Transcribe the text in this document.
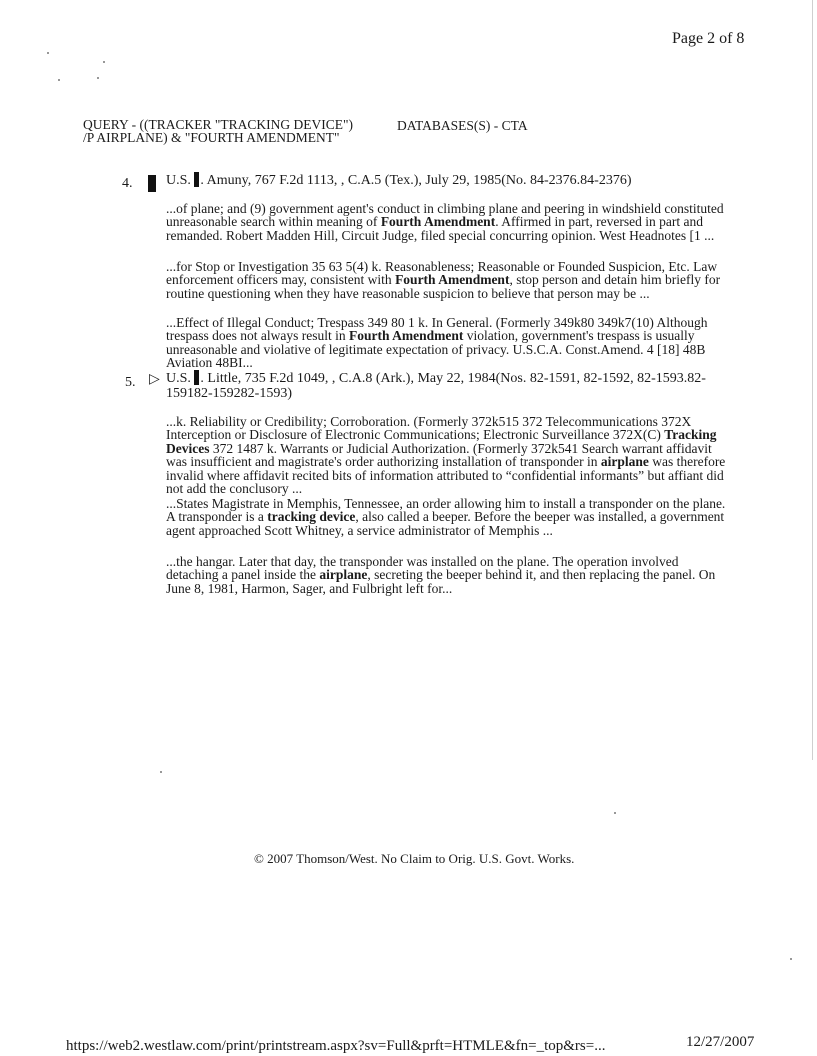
Page 2 of 8
QUERY - ((TRACKER "TRACKING DEVICE") /P AIRPLANE) & "FOURTH AMENDMENT"
DATABASES(S) - CTA
4. U.S. . Amuny, 767 F.2d 1113, , C.A.5 (Tex.), July 29, 1985(No. 84-2376.84-2376)

...of plane; and (9) government agent's conduct in climbing plane and peering in windshield constituted unreasonable search within meaning of Fourth Amendment. Affirmed in part, reversed in part and remanded. Robert Madden Hill, Circuit Judge, filed special concurring opinion. West Headnotes [1 ...

...for Stop or Investigation 35 63 5(4) k. Reasonableness; Reasonable or Founded Suspicion, Etc. Law enforcement officers may, consistent with Fourth Amendment, stop person and detain him briefly for routine questioning when they have reasonable suspicion to believe that person may be ...

...Effect of Illegal Conduct; Trespass 349 80 1 k. In General. (Formerly 349k80 349k7(10) Although trespass does not always result in Fourth Amendment violation, government's trespass is usually unreasonable and violative of legitimate expectation of privacy. U.S.C.A. Const.Amend. 4 [18] 48B Aviation 48BI...

5. ▷ U.S. . Little, 735 F.2d 1049, , C.A.8 (Ark.), May 22, 1984(Nos. 82-1591, 82-1592, 82-1593.82-159182-159282-1593)

...k. Reliability or Credibility; Corroboration. (Formerly 372k515 372 Telecommunications 372X Interception or Disclosure of Electronic Communications; Electronic Surveillance 372X(C) Tracking Devices 372 1487 k. Warrants or Judicial Authorization. (Formerly 372k541 Search warrant affidavit was insufficient and magistrate's order authorizing installation of transponder in airplane was therefore invalid where affidavit recited bits of information attributed to “confidential informants” but affiant did not add the conclusory ...

...States Magistrate in Memphis, Tennessee, an order allowing him to install a transponder on the plane. A transponder is a tracking device, also called a beeper. Before the beeper was installed, a government agent approached Scott Whitney, a service administrator of Memphis ...

...the hangar. Later that day, the transponder was installed on the plane. The operation involved detaching a panel inside the airplane, secreting the beeper behind it, and then replacing the panel. On June 8, 1981, Harmon, Sager, and Fulbright left for...

© 2007 Thomson/West. No Claim to Orig. U.S. Govt. Works.
https://web2.westlaw.com/print/printstream.aspx?sv=Full&prft=HTMLE&fn=_top&rs=...	12/27/2007
